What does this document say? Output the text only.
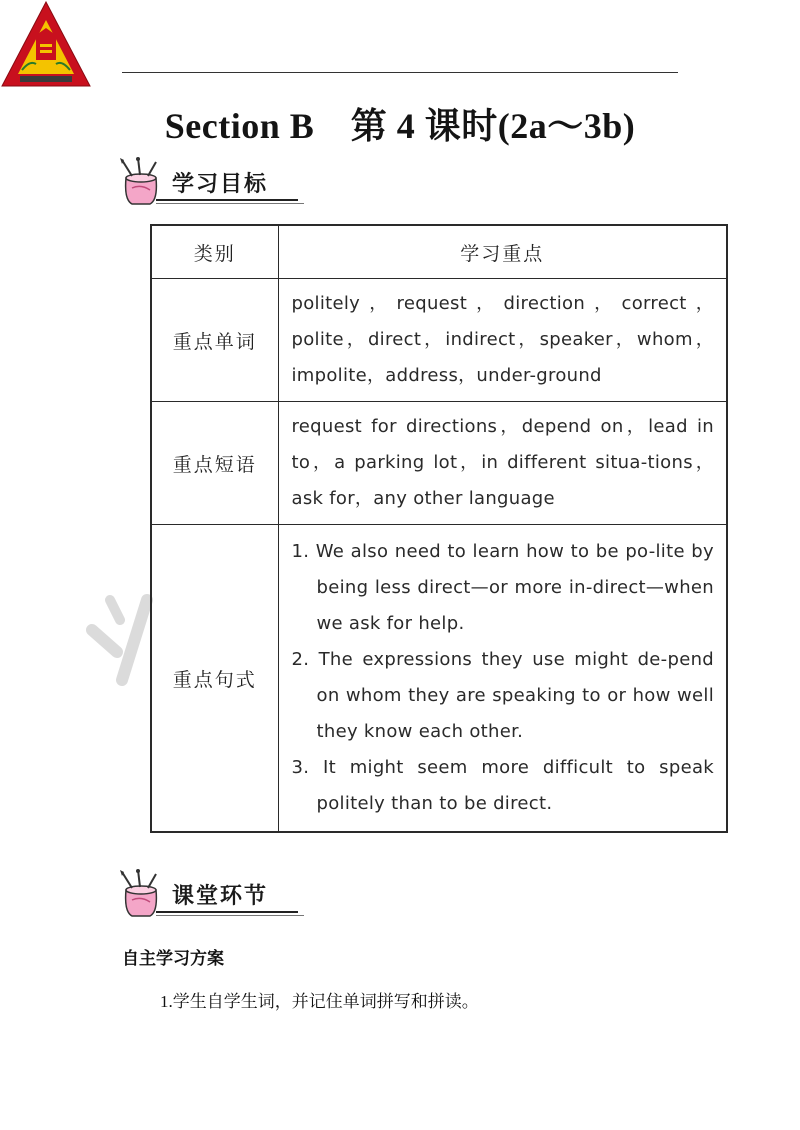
Section B　第 4 课时(2a～3b)
学习目标
类别	学习重点
重点单词	politely，request，direction，correct，polite，direct，indirect，speaker，whom，impolite，address，under-ground
重点短语	request for directions，depend on，lead in to，a parking lot，in different situa-tions，ask for，any other language
重点句式	1. We also need to learn how to be po-lite by being less direct—or more in-direct—when we ask for help.
2. The expressions they use might de-pend on whom they are speaking to or how well they know each other.
3. It might seem more difficult to speak politely than to be direct.
课堂环节
自主学习方案
1.学生自学生词，并记住单词拼写和拼读。
